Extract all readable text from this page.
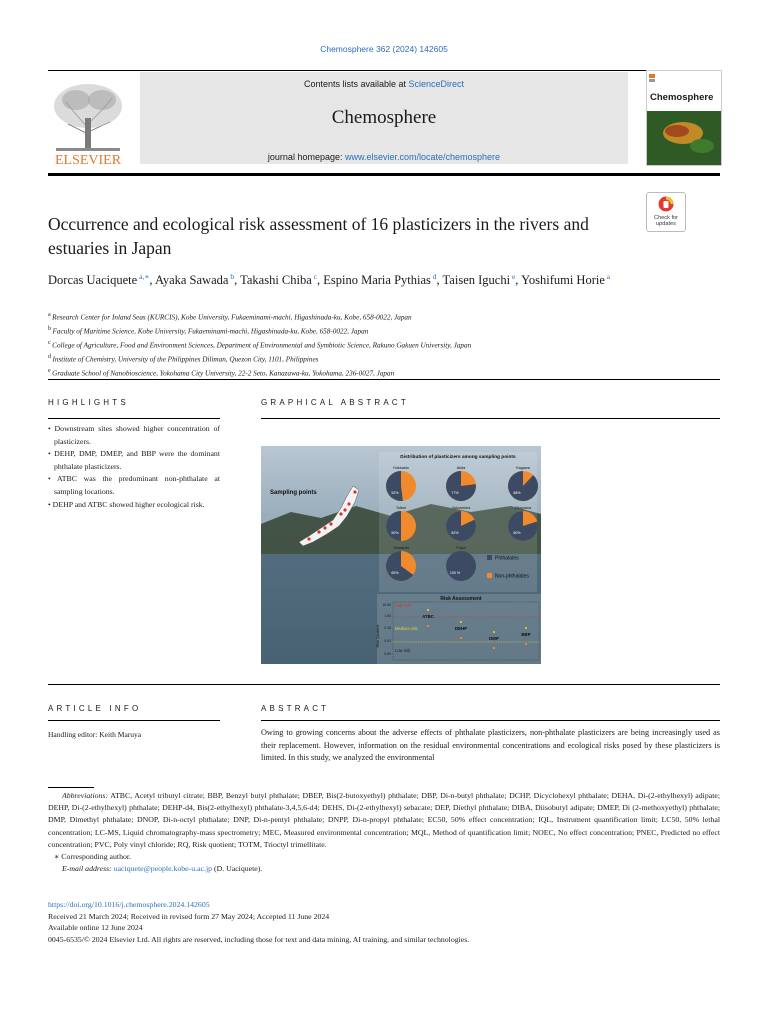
Chemosphere 362 (2024) 142605
Contents lists available at ScienceDirect
Chemosphere
journal homepage: www.elsevier.com/locate/chemosphere
ELSEVIER
Chemosphere
Check for
updates
Occurrence and ecological risk assessment of 16 plasticizers in the rivers and estuaries in Japan
Dorcas Uaciquete $^{a,∗}$, Ayaka Sawada $^b$, Takashi Chiba $^c$, Espino Maria Pythias $^d$, Taisen Iguchi $^e$, Yoshifumi Horie $^a$
$^a$ Research Center for Inland Seas (KURCIS), Kobe University, Fukaeminami-machi, Higashinada-ku, Kobe, 658-0022, Japan
$^b$ Faculty of Maritime Science, Kobe University, Fukaeminami-machi, Higashinada-ku, Kobe, 658-0022, Japan
$^c$ College of Agriculture, Food and Environment Sciences, Department of Environmental and Symbiotic Science, Rakuno Gakuen University, Japan
$^d$ Institute of Chemistry, University of the Philippines Diliman, Quezon City, 1101, Philippines
$^e$ Graduate School of Nanobioscience, Yokohama City University, 22-2 Seto, Kanazawa-ku, Yokohama, 236-0027, Japan
HIGHLIGHTS
• Downstream sites showed higher concentration of plasticizers.
• DEHP, DMP, DMEP, and BBP were the dominant phthalate plasticizers.
• ATBC was the predominant non-phthalate at sampling locations.
• DEHP and ATBC showed higher ecological risk.
GRAPHICAL ABSTRACT
Sampling points
Distribution of plasticizers among sampling points
Hokkaido
52%
Akita
77%
Kagawa
88%
Tottori
50%
Yokoshima
82%
Okayama
80%
Yokkaichi
65%
Fukui
100 %
Phthalates
Non-phthalates
Risk Assessment
Risk Quotient
10.00
1.00
0.10
0.01
0.00
High risk
Medium risk
Low risk
ATBC
DEHP
DMP
BBP
ARTICLE INFO
Handling editor: Keith Maruya
ABSTRACT
Owing to growing concerns about the adverse effects of phthalate plasticizers, non-phthalate plasticizers are being increasingly used as their replacement. However, information on the residual environmental concentrations and ecological risks posed by these plasticizers is limited. In this study, we analyzed the environmental
Abbreviations: ATBC, Acetyl tributyl citrate; BBP, Benzyl butyl phthalate; DBEP, Bis(2-butoxyethyl) phthalate; DBP, Di-n-butyl phthalate; DCHP, Dicyclohexyl phthalate; DEHA, Di-(2-ethylhexyl) adipate; DEHP, Di-(2-ethylhexyl) phthalate; DEHP-d4, Bis(2-ethylhexyl) phthalate-3,4,5,6-d4; DEHS, Di-(2-ethylhexyl) sebacate; DEP, Diethyl phthalate; DIBA, Diisobutyl adipate; DMEP, Di (2-methoxyethyl) phthalate; DMP, Dimethyl phthalate; DNOP, Di-n-octyl phthalate; DNP, Di-n-pentyl phthalate; DNPP, Di-n-propyl phthalate; EC50, 50% effect concentration; IQL, Instrument quantification limit; LC50, 50% lethal concentration; LC-MS, Liquid chromatography-mass spectrometry; MEC, Measured environmental concentration; MQL, Method of quantification limit; NOEC, No effect concentration; PNEC, Predicted no effect concentration; PVC, Poly vinyl chloride; RQ, Risk quotient; TOTM, Trioctyl trimellitate.
∗ Corresponding author.
E-mail address: uaciquete@people.kobe-u.ac.jp (D. Uaciquete).
https://doi.org/10.1016/j.chemosphere.2024.142605
Received 21 March 2024; Received in revised form 27 May 2024; Accepted 11 June 2024
Available online 12 June 2024
0045-6535/© 2024 Elsevier Ltd. All rights are reserved, including those for text and data mining, AI training, and similar technologies.
